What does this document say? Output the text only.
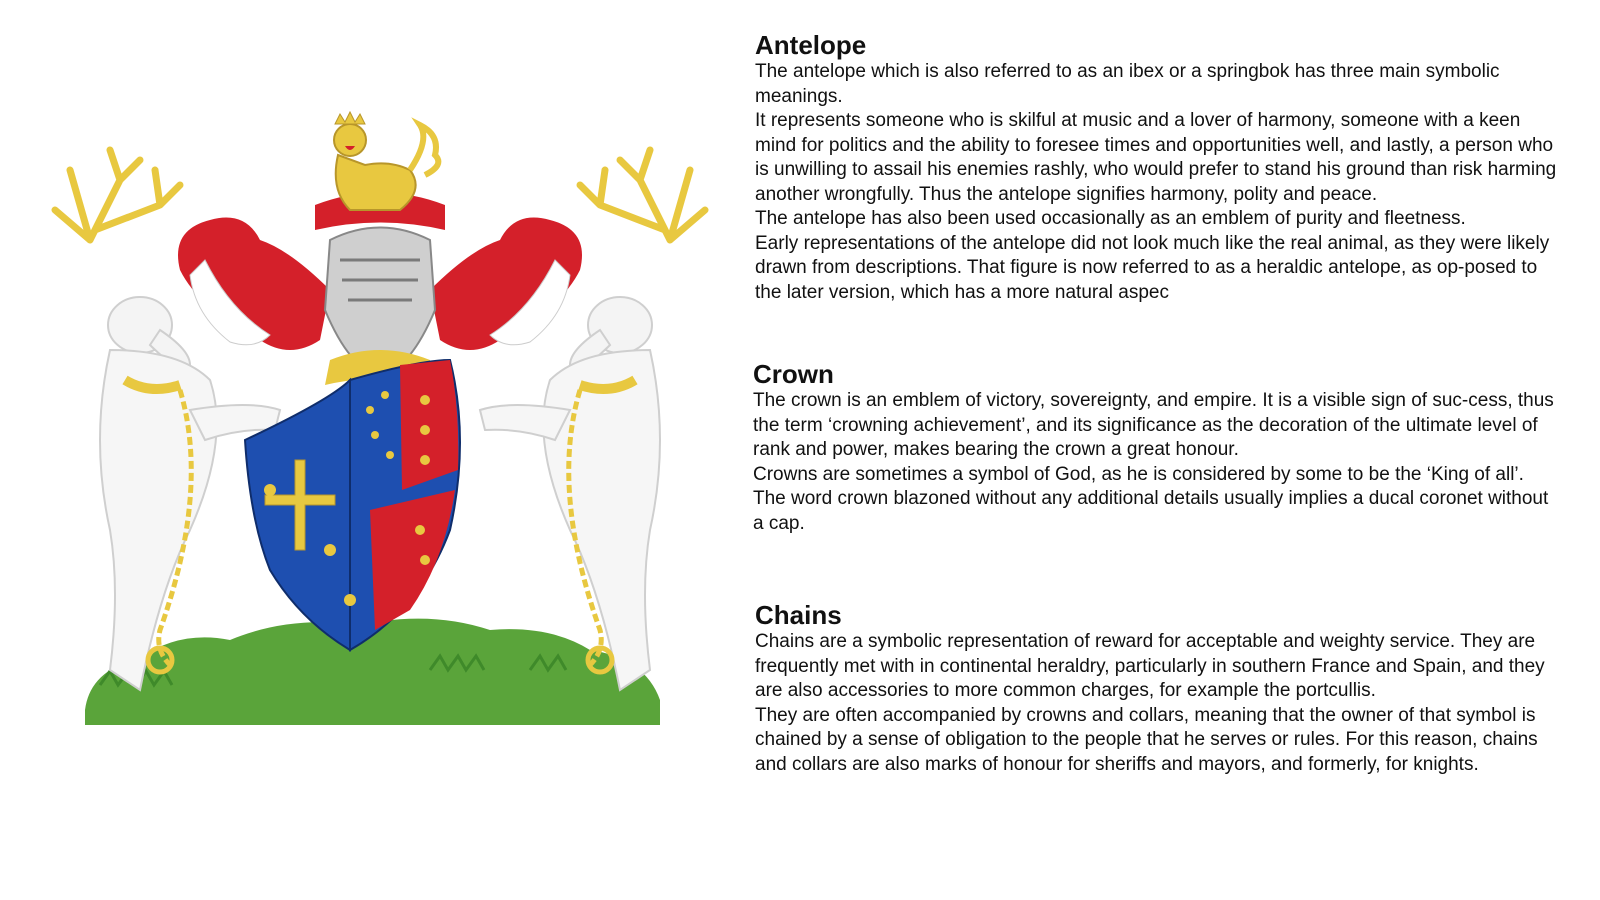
Antelope

The antelope which is also referred to as an ibex or a springbok has three main symbolic meanings.

It represents someone who is skilful at music and a lover of harmony, someone with a keen mind for politics and the ability to foresee times and opportunities well, and lastly, a person who is unwilling to assail his enemies rashly, who would prefer to stand his ground than risk harming another wrongfully. Thus the antelope signifies harmony, polity and peace.

The antelope has also been used occasionally as an emblem of purity and fleetness.

Early representations of the antelope did not look much like the real animal, as they were likely drawn from descriptions. That figure is now referred to as a heraldic antelope, as op-posed to the later version, which has a more natural aspec

Crown

The crown is an emblem of victory, sovereignty, and empire. It is a visible sign of suc-cess, thus the term ‘crowning achievement’, and its significance as the decoration of the ultimate level of rank and power, makes bearing the crown a great honour.

Crowns are sometimes a symbol of God, as he is considered by some to be the ‘King of all’.

The word crown blazoned without any additional details usually implies a ducal coronet without a cap.

Chains

Chains are a symbolic representation of reward for acceptable and weighty service. They are frequently met with in continental heraldry, particularly in southern France and Spain, and they are also accessories to more common charges, for example the portcullis.

They are often accompanied by crowns and collars, meaning that the owner of that symbol is chained by a sense of obligation to the people that he serves or rules. For this reason, chains and collars are also marks of honour for sheriffs and mayors, and formerly, for knights.
